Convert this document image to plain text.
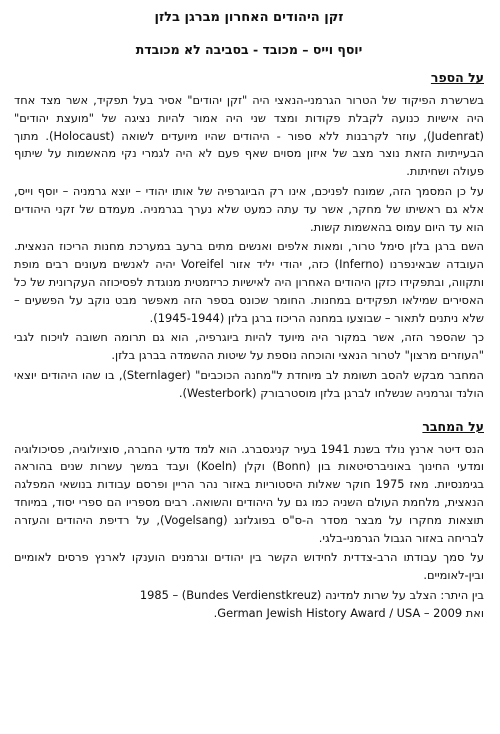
זקן היהודים האחרון מברגן בלזן
יוסף וייס – מכובד - בסביבה לא מכובדת
על הספר

בשרשרת הפיקוד של הטרור הגרמני-הנאצי היה "זקן יהודים" אסיר בעל תפקיד, אשר מצד אחד היה אישיות כנועה לקבלת פקודות ומצד שני היה אמור להיות נציגה של "מועצת יהודים" (Judenrat), עוזר לקרבנות ללא ספור - היהודים שהיו מיועדים לשואה (Holocaust). מתוך הבעייתיות הזאת נוצר מצב של איזון מסוים שאף פעם לא היה לגמרי נקי מהאשמות על שיתוף פעולה ושחיתות.

על כן המסמך הזה, שמונח לפניכם, אינו רק הביוגרפיה של אותו יהודי – יוצא גרמניה – יוסף וייס, אלא גם ראשיתו של מחקר, אשר עד עתה כמעט שלא נערך בגרמניה. מעמדם של זקני היהודים הוא עד היום עמוס בהאשמות קשות.

השם ברגן בלזן סימל טרור, ומאות אלפים ואנשים מתים ברעב במערכת מחנות הריכוז הנאצית. העובדה שבאינפרנו (Inferno) כזה, יהודי יליד אזור Voreifel יהיה לאנשים מעונים רבים מופת ותקווה, ובתפקידו כזקן היהודים האחרון היה לאישיות כריזמטית מנוגדת לפסיכוזה העקרונית של כל האסירים שמילאו תפקידים במחנות. החומר שכונס בספר הזה מאפשר מבט נוקב על הפשעים – שלא ניתנים לתאור – שבוצעו במחנה הריכוז ברגן בלזן (1945-1944).

כך שהספר הזה, אשר במקור היה מיועד להיות ביוגרפיה, הוא גם תרומה חשובה לויכוח לגבי "העוזרים מרצון" לטרור הנאצי והוכחה נוספת על שיטות ההשמדה בברגן בלזן.

המחבר מבקש להסב תשומת לב מיוחדת ל"מחנה הכוכבים" (Sternlager), בו שהו היהודים יוצאי הולנד וגרמניה שנשלחו לברגן בלזן מוסטרבורק (Westerbork).

על המחבר

הנס דיטר ארנץ נולד בשנת 1941 בעיר קניגסברג. הוא למד מדעי החברה, סוציולוגיה, פסיכולוגיה ומדעי החינוך באוניברסיטאות בון (Bonn) וקלן (Koeln) ועבד במשך עשרות שנים בהוראה בגימנסיות. מאז 1975 חוקר שאלות היסטוריות באזור נהר הריין ופרסם עבודות בנושאי המפלגה הנאצית, מלחמת העולם השניה כמו גם על היהודים והשואה. רבים מספריו הם ספרי יסוד, במיוחד תוצאות מחקרו על מבצר מסדר ה-ס"ס בפוגלזנג (Vogelsang), על רדיפת היהודים והעזרה לבריחה באזור הגבול הגרמני-בלגי.

על סמך עבודתו הרב-צדדית לחידוש הקשר בין יהודים וגרמנים הוענקו לארנץ פרסים לאומיים ובין-לאומיים.

בין היתר: הצלב על שרות למדינה (Bundes Verdienstkreuz) – 1985
ואת German Jewish History Award / USA – 2009.
